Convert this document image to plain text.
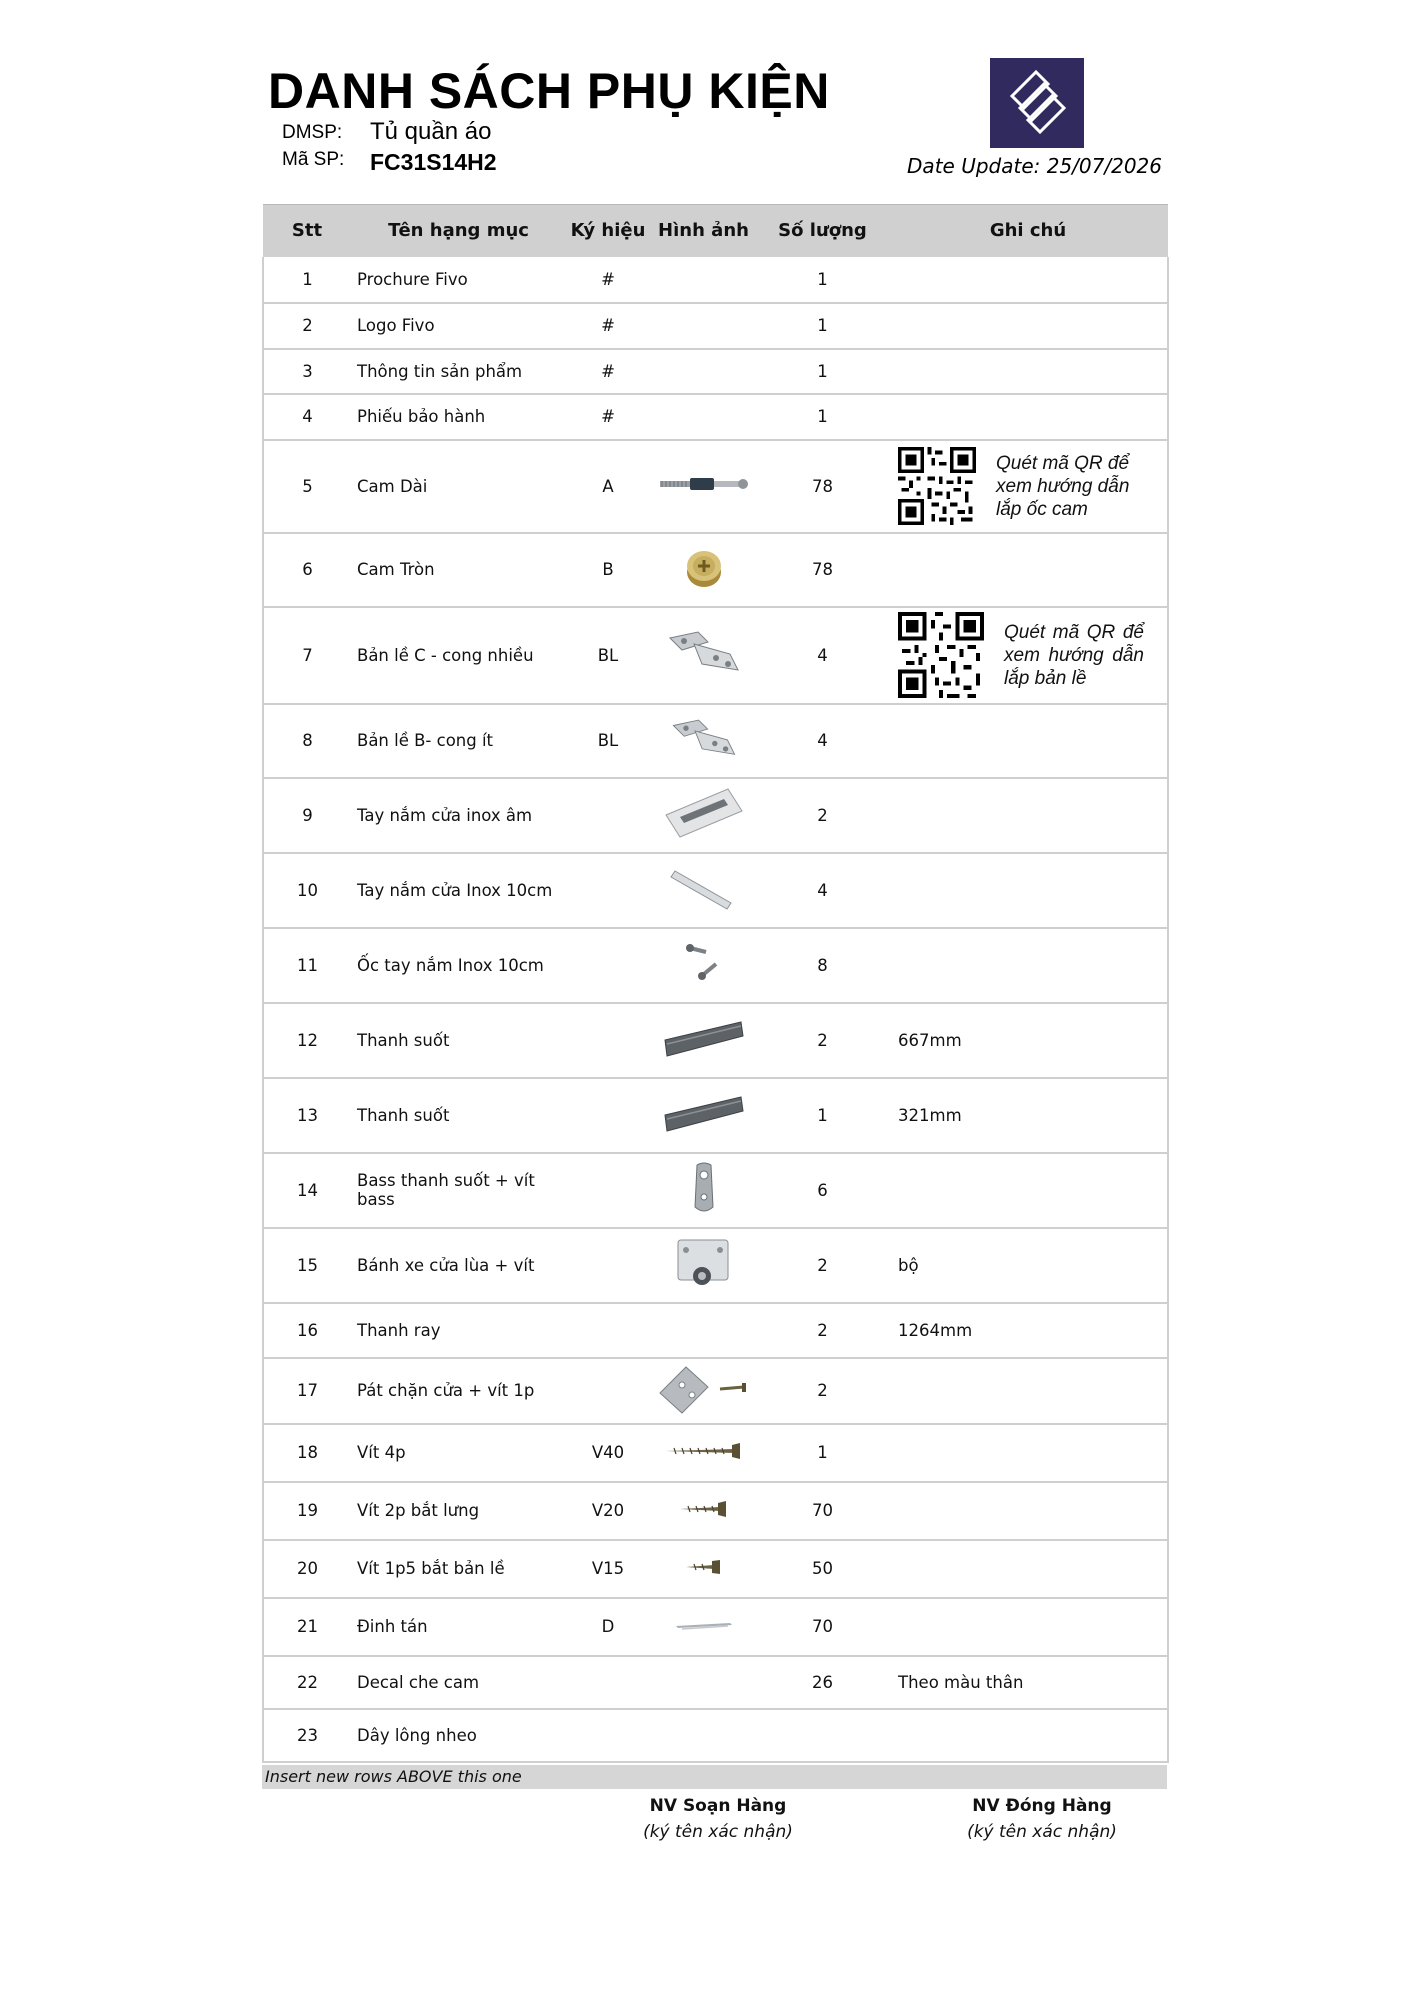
DANH SÁCH PHỤ KIỆN
DMSP: Tủ quần áo
Mã SP: FC31S14H2	Date Update: 25/07/2026
Stt	Tên hạng mục	Ký hiệu	Hình ảnh	Số lượng	Ghi chú
1	Prochure Fivo	#		1	
2	Logo Fivo	#		1	
3	Thông tin sản phẩm	#		1	
4	Phiếu bảo hành	#		1	
5	Cam Dài	A		78	Quét mã QR để xem hướng dẫn lắp ốc cam

6	Cam Tròn	B		78	
7	Bản lề C - cong nhiều	BL		4	Quét mã QR để xem hướng dẫn lắp bản lề

8	Bản lề B- cong ít	BL		4	
9	Tay nắm cửa inox âm			2	
10	Tay nắm cửa Inox 10cm			4	
11	Ốc tay nắm Inox 10cm			8	
12	Thanh suốt			2	667mm
13	Thanh suốt			1	321mm
14	Bass thanh suốt + vít bass			6	
15	Bánh xe cửa lùa + vít			2	bộ
16	Thanh ray			2	1264mm
17	Pát chặn cửa + vít 1p			2	
18	Vít 4p	V40		1	
19	Vít 2p bắt lưng	V20		70	
20	Vít 1p5 bắt bản lề	V15		50	
21	Đinh tán	D		70	
22	Decal che cam			26	Theo màu thân
23	Dây lông nheo				
Insert new rows ABOVE this one
NV Soạn Hàng
(ký tên xác nhận)
NV Đóng Hàng
(ký tên xác nhận)
